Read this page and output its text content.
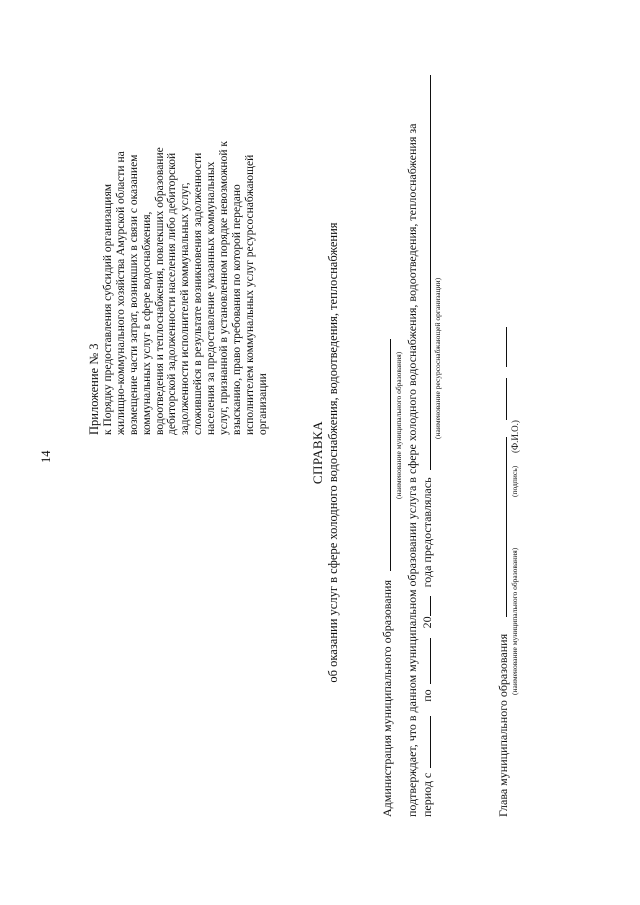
14
Приложение № 3 к Порядку предоставления субсидий организациям жилищно-коммунального хозяйства Амурской области на возмещение части затрат, возникших в связи с оказанием коммунальных услуг в сфере водоснабжения, водоотведения и теплоснабжения, повлекших образование дебиторской задолженности населения либо дебиторской задолженности исполнителей коммунальных услуг, сложившейся в результате возникновения задолженности населения за предоставление указанных коммунальных услуг, признанной в установленном порядке невозможной к взысканию, право требования по которой передано исполнителем коммунальных услуг ресурсоснабжающей организации
СПРАВКА об оказании услуг в сфере холодного водоснабжения, водоотведения, теплоснабжения
Администрация муниципального образования
(наименование муниципального образования) подтверждает, что в данном муниципальном образовании услуга в сфере холодного водоснабжения, водоотведения, теплоснабжения за период с   по   20  года предоставлялась
(наименование ресурсоснабжающей организации)
Глава муниципального образования
(наименование муниципального образования)
(подпись)
(Ф.И.О.)
